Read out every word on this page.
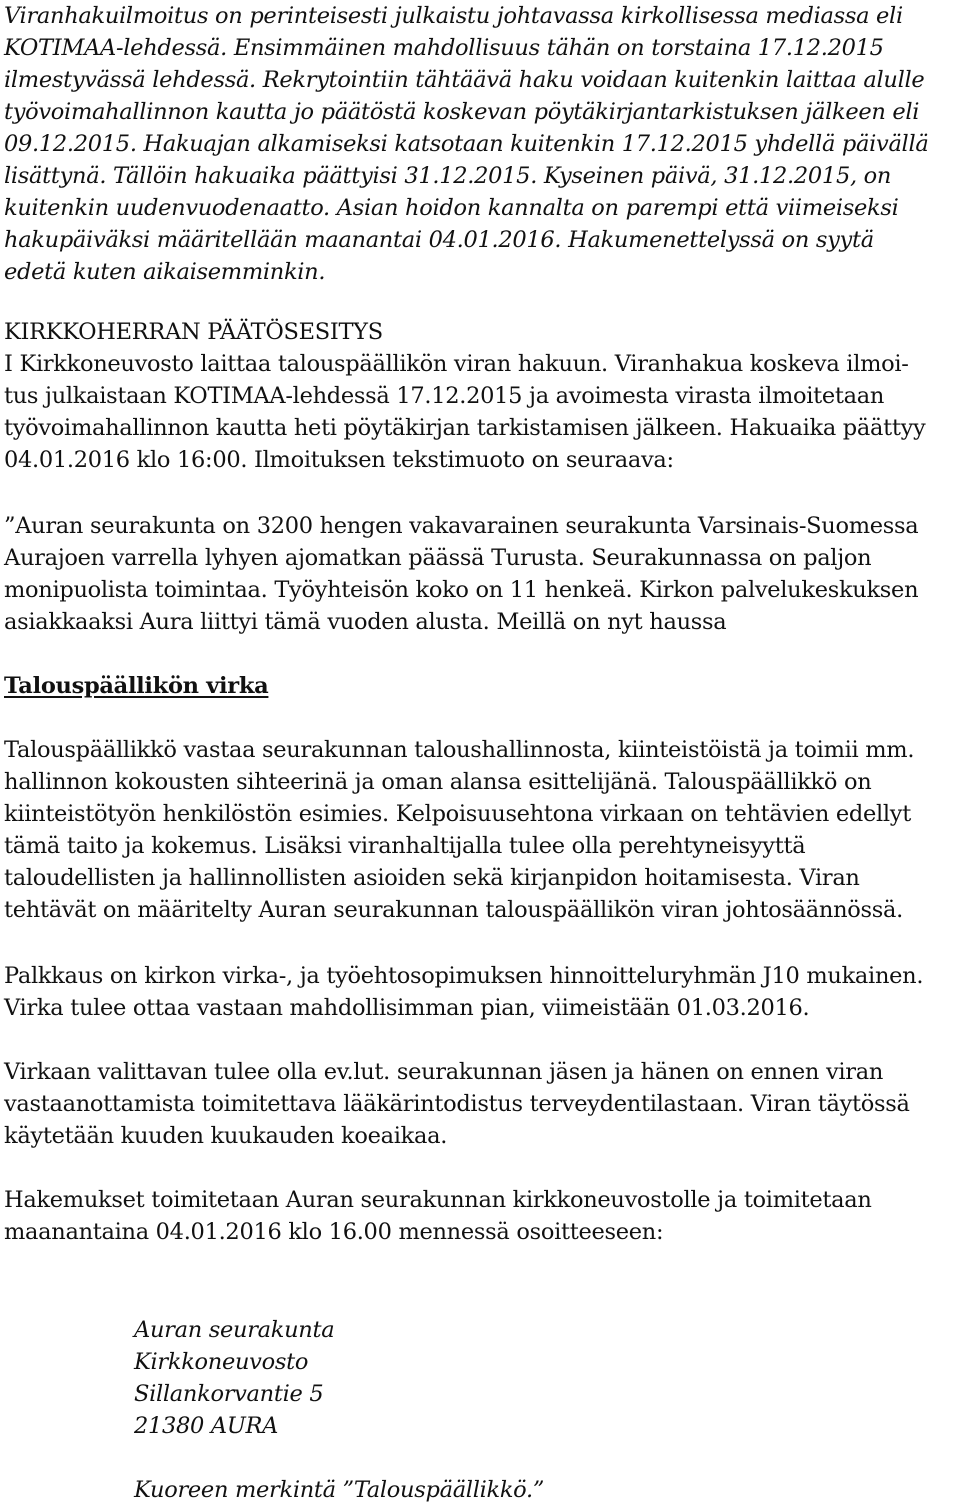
Viranhakuilmoitus on perinteisesti julkaistu johtavassa kirkollisessa mediassa eli
KOTIMAA-lehdessä. Ensimmäinen mahdollisuus tähän on torstaina 17.12.2015
ilmestyvässä lehdessä. Rekrytointiin tähtäävä haku voidaan kuitenkin laittaa alulle
työvoimahallinnon kautta jo päätöstä koskevan pöytäkirjantarkistuksen jälkeen eli
09.12.2015. Hakuajan alkamiseksi katsotaan kuitenkin 17.12.2015 yhdellä päivällä
lisättynä. Tällöin hakuaika päättyisi 31.12.2015. Kyseinen päivä, 31.12.2015, on
kuitenkin uudenvuodenaatto. Asian hoidon kannalta on parempi että viimeiseksi
hakupäiväksi määritellään maanantai 04.01.2016. Hakumenettelyssä on syytä
edetä kuten aikaisemminkin.
KIRKKOHERRAN PÄÄTÖSESITYS
I Kirkkoneuvosto laittaa talouspäällikön viran hakuun. Viranhakua koskeva ilmoi-
tus julkaistaan KOTIMAA-lehdessä 17.12.2015 ja avoimesta virasta ilmoitetaan
työvoimahallinnon kautta heti pöytäkirjan tarkistamisen jälkeen. Hakuaika päättyy
04.01.2016 klo 16:00. Ilmoituksen tekstimuoto on seuraava:
”Auran seurakunta on 3200 hengen vakavarainen seurakunta Varsinais-Suomessa
Aurajoen varrella lyhyen ajomatkan päässä Turusta. Seurakunnassa on paljon
monipuolista toimintaa. Työyhteisön koko on 11 henkeä. Kirkon palvelukeskuksen
asiakkaaksi Aura liittyi tämä vuoden alusta. Meillä on nyt haussa
Talouspäällikön virka
Talouspäällikkö vastaa seurakunnan taloushallinnosta, kiinteistöistä ja toimii mm.
hallinnon kokousten sihteerinä ja oman alansa esittelijänä. Talouspäällikkö on
kiinteistötyön henkilöstön esimies. Kelpoisuusehtona virkaan on tehtävien edellyt
tämä taito ja kokemus. Lisäksi viranhaltijalla tulee olla perehtyneisyyttä
taloudellisten ja hallinnollisten asioiden sekä kirjanpidon hoitamisesta. Viran
tehtävät on määritelty Auran seurakunnan talouspäällikön viran johtosäännössä.
Palkkaus on kirkon virka-, ja työehtosopimuksen hinnoitteluryhmän J10 mukainen.
Virka tulee ottaa vastaan mahdollisimman pian, viimeistään 01.03.2016.
Virkaan valittavan tulee olla ev.lut. seurakunnan jäsen ja hänen on ennen viran
vastaanottamista toimitettava lääkärintodistus terveydentilastaan. Viran täytössä
käytetään kuuden kuukauden koeaikaa.
Hakemukset toimitetaan Auran seurakunnan kirkkoneuvostolle ja toimitetaan
maanantaina 04.01.2016 klo 16.00 mennessä osoitteeseen:
Auran seurakunta
Kirkkoneuvosto
Sillankorvantie 5
21380 AURA
Kuoreen merkintä ”Talouspäällikkö.”
